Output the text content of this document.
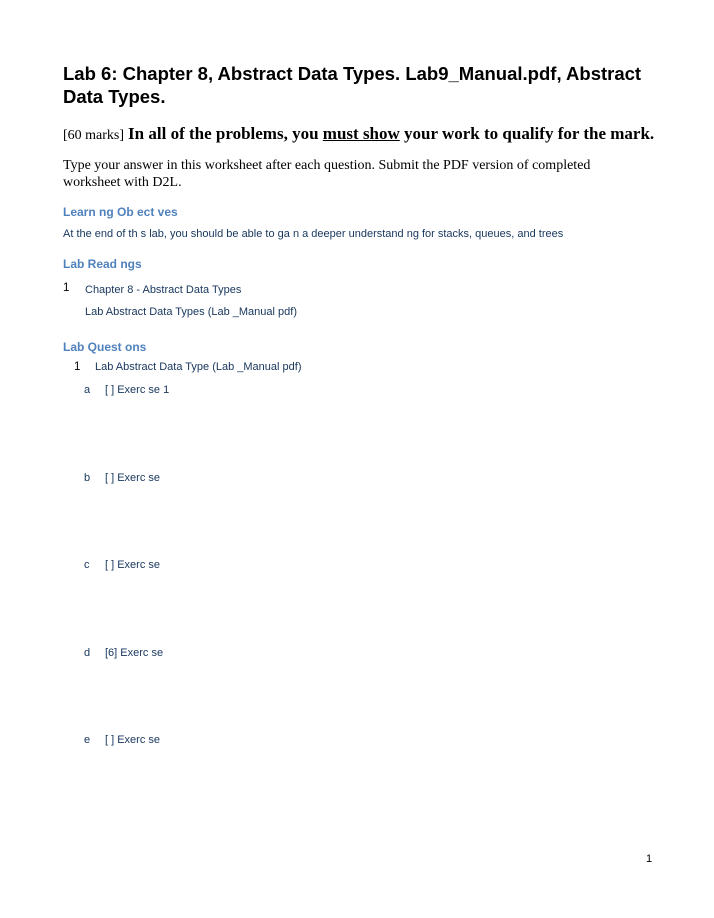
Lab 6: Chapter 8, Abstract Data Types. Lab9_Manual.pdf, Abstract Data Types.
[60 marks] In all of the problems, you must show your work to qualify for the mark.
Type your answer in this worksheet after each question. Submit the PDF version of completed worksheet with D2L.
Learn ng Ob ect ves
At the end of th s lab, you should be able to ga n a deeper understand ng for stacks, queues, and trees
Lab Read ngs
1 Chapter 8 - Abstract Data Types
Lab Abstract Data Types (Lab _Manual pdf)
Lab Quest ons
1 Lab Abstract Data Type (Lab _Manual pdf)
a [ ] Exerc se 1
b [ ] Exerc se
c [ ] Exerc se
d [6] Exerc se
e [ ] Exerc se
1
